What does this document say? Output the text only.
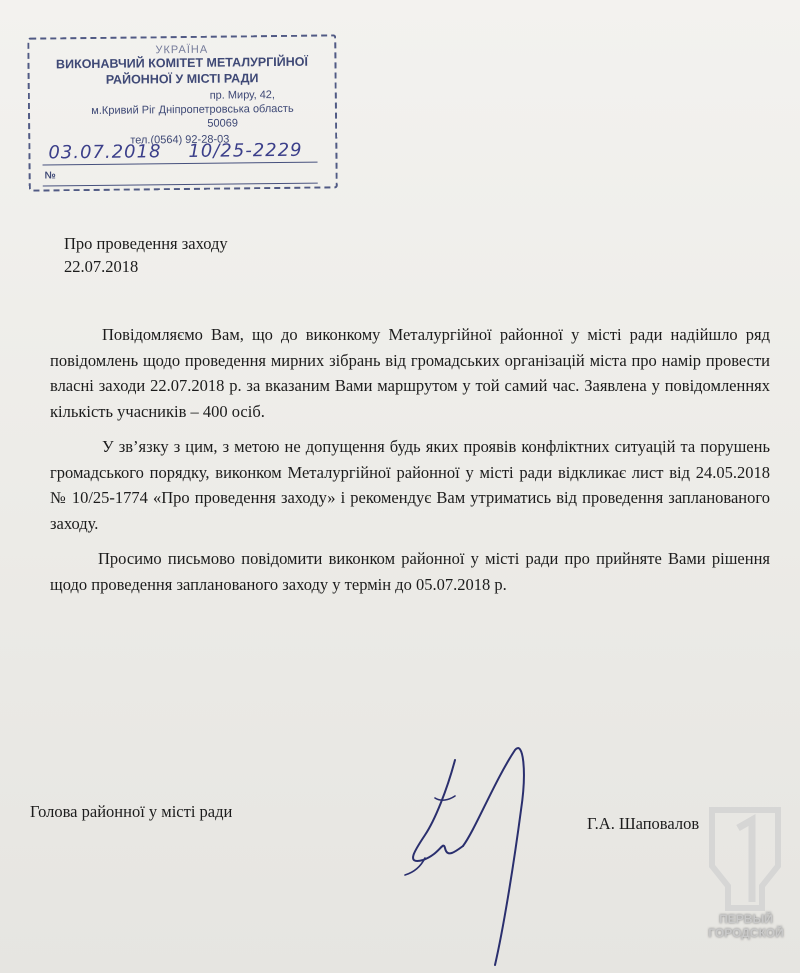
УКРАЇНА
ВИКОНАВЧИЙ КОМІТЕТ МЕТАЛУРГІЙНОЇ
РАЙОННОЇ У МІСТІ РАДИ
пр. Миру, 42,
м.Кривий Ріг Дніпропетровська область
50069
тел.(0564) 92-28-03
03.07.2018 10/25-2229
№
Про проведення заходу
22.07.2018

Повідомляємо Вам, що до виконкому Металургійної районної у місті ради надійшло ряд повідомлень щодо проведення мирних зібрань від громадських організацій міста про намір провести власні заходи 22.07.2018 р. за вказаним Вами маршрутом у той самий час. Заявлена у повідомленнях кількість учасників – 400 осіб.

У зв’язку з цим, з метою не допущення будь яких проявів конфліктних ситуацій та порушень громадського порядку, виконком Металургійної районної у місті ради відкликає лист від 24.05.2018 № 10/25-1774 «Про проведення заходу» і рекомендує Вам утриматись від проведення запланованого заходу.

Просимо письмово повідомити виконком районної у місті ради про прийняте Вами рішення щодо проведення запланованого заходу у термін до 05.07.2018 р.

Голова районної у місті ради
Г.А. Шаповалов
ПЕРВЫЙ
ГОРОДСКОЙ
